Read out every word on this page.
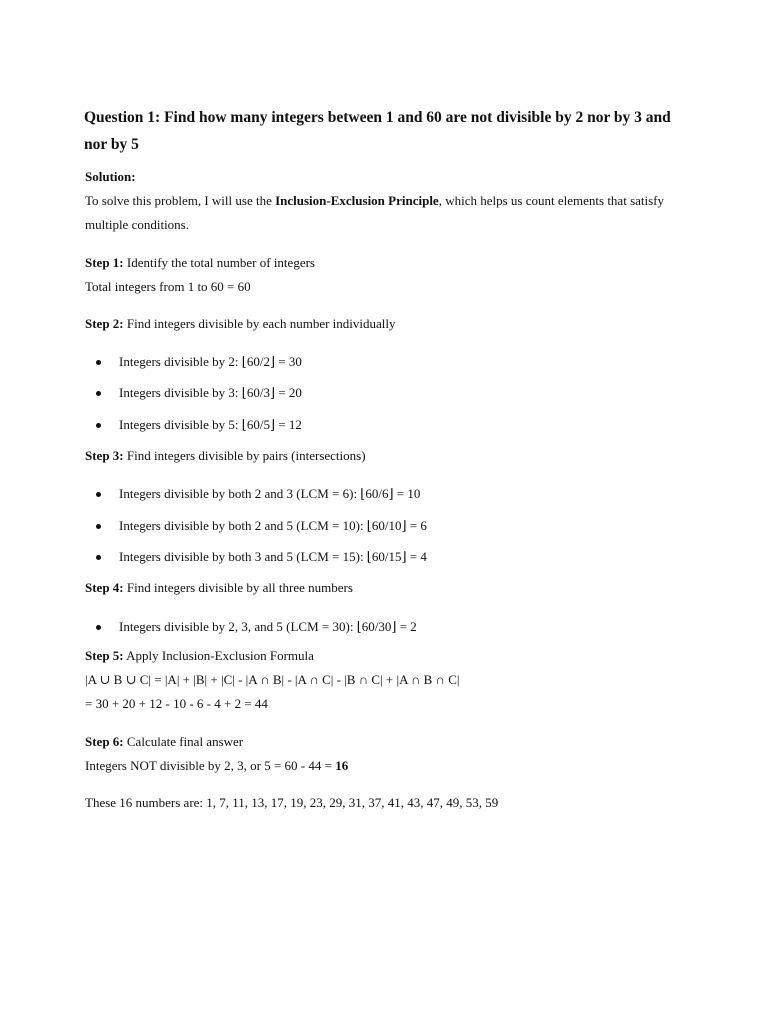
Question 1: Find how many integers between 1 and 60 are not divisible by 2 nor by 3 and nor by 5
Solution:
To solve this problem, I will use the Inclusion-Exclusion Principle, which helps us count elements that satisfy multiple conditions.
Step 1: Identify the total number of integers
Total integers from 1 to 60 = 60
Step 2: Find integers divisible by each number individually
Integers divisible by 2: ⌊60/2⌋ = 30
Integers divisible by 3: ⌊60/3⌋ = 20
Integers divisible by 5: ⌊60/5⌋ = 12
Step 3: Find integers divisible by pairs (intersections)
Integers divisible by both 2 and 3 (LCM = 6): ⌊60/6⌋ = 10
Integers divisible by both 2 and 5 (LCM = 10): ⌊60/10⌋ = 6
Integers divisible by both 3 and 5 (LCM = 15): ⌊60/15⌋ = 4
Step 4: Find integers divisible by all three numbers
Integers divisible by 2, 3, and 5 (LCM = 30): ⌊60/30⌋ = 2
Step 5: Apply Inclusion-Exclusion Formula
|A ∪ B ∪ C| = |A| + |B| + |C| - |A ∩ B| - |A ∩ C| - |B ∩ C| + |A ∩ B ∩ C|
= 30 + 20 + 12 - 10 - 6 - 4 + 2 = 44
Step 6: Calculate final answer
Integers NOT divisible by 2, 3, or 5 = 60 - 44 = 16
These 16 numbers are: 1, 7, 11, 13, 17, 19, 23, 29, 31, 37, 41, 43, 47, 49, 53, 59
